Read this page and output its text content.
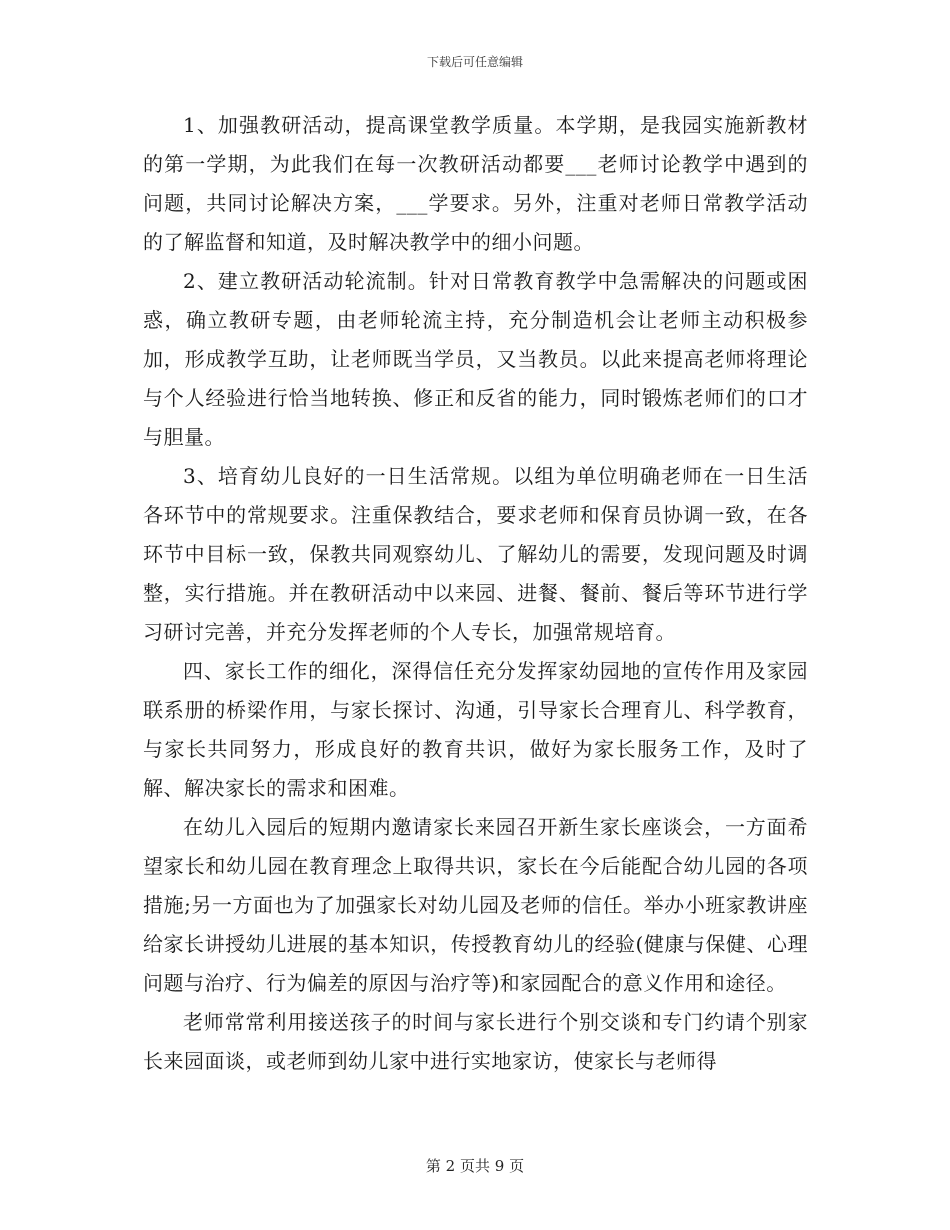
下载后可任意编辑

1、加强教研活动，提高课堂教学质量。本学期，是我园实施新教材的第一学期，为此我们在每一次教研活动都要___老师讨论教学中遇到的问题，共同讨论解决方案，___学要求。另外，注重对老师日常教学活动的了解监督和知道，及时解决教学中的细小问题。

2、建立教研活动轮流制。针对日常教育教学中急需解决的问题或困惑，确立教研专题，由老师轮流主持，充分制造机会让老师主动积极参加，形成教学互助，让老师既当学员，又当教员。以此来提高老师将理论与个人经验进行恰当地转换、修正和反省的能力，同时锻炼老师们的口才与胆量。

3、培育幼儿良好的一日生活常规。以组为单位明确老师在一日生活各环节中的常规要求。注重保教结合，要求老师和保育员协调一致，在各环节中目标一致，保教共同观察幼儿、了解幼儿的需要，发现问题及时调整，实行措施。并在教研活动中以来园、进餐、餐前、餐后等环节进行学习研讨完善，并充分发挥老师的个人专长，加强常规培育。

四、家长工作的细化，深得信任充分发挥家幼园地的宣传作用及家园联系册的桥梁作用，与家长探讨、沟通，引导家长合理育儿、科学教育，与家长共同努力，形成良好的教育共识，做好为家长服务工作，及时了解、解决家长的需求和困难。

在幼儿入园后的短期内邀请家长来园召开新生家长座谈会，一方面希望家长和幼儿园在教育理念上取得共识，家长在今后能配合幼儿园的各项措施;另一方面也为了加强家长对幼儿园及老师的信任。举办小班家教讲座给家长讲授幼儿进展的基本知识，传授教育幼儿的经验(健康与保健、心理问题与治疗、行为偏差的原因与治疗等)和家园配合的意义作用和途径。

老师常常利用接送孩子的时间与家长进行个别交谈和专门约请个别家长来园面谈，或老师到幼儿家中进行实地家访，使家长与老师得

第 2 页共 9 页
